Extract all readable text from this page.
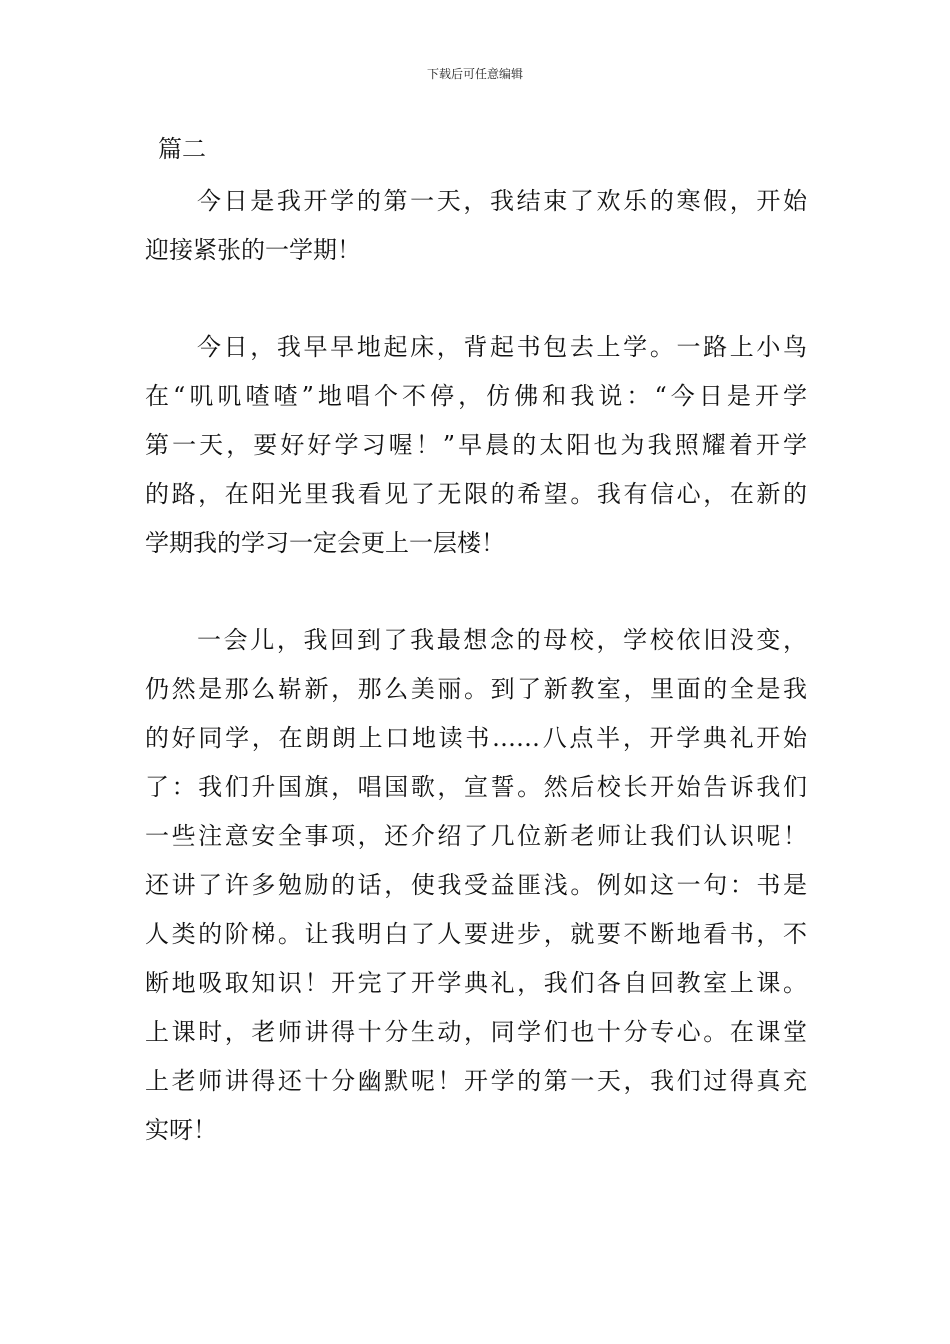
下载后可任意编辑
篇二

今日是我开学的第一天，我结束了欢乐的寒假，开始
迎接紧张的一学期！

今日，我早早地起床，背起书包去上学。一路上小鸟
在“叽叽喳喳”地唱个不停，仿佛和我说：“今日是开学
第一天，要好好学习喔！”早晨的太阳也为我照耀着开学
的路，在阳光里我看见了无限的希望。我有信心，在新的
学期我的学习一定会更上一层楼！

一会儿，我回到了我最想念的母校，学校依旧没变，
仍然是那么崭新，那么美丽。到了新教室，里面的全是我
的好同学，在朗朗上口地读书……八点半，开学典礼开始
了：我们升国旗，唱国歌，宣誓。然后校长开始告诉我们
一些注意安全事项，还介绍了几位新老师让我们认识呢！
还讲了许多勉励的话，使我受益匪浅。例如这一句：书是
人类的阶梯。让我明白了人要进步，就要不断地看书，不
断地吸取知识！开完了开学典礼，我们各自回教室上课。
上课时，老师讲得十分生动，同学们也十分专心。在课堂
上老师讲得还十分幽默呢！开学的第一天，我们过得真充
实呀！
